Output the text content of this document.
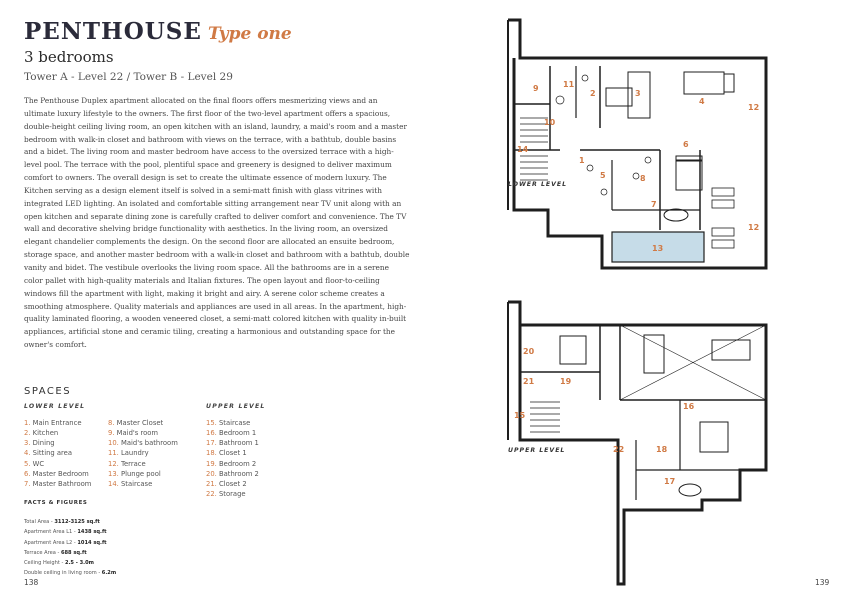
PENTHOUSE Type one
3 bedrooms
Tower A - Level 22 / Tower B - Level 29

The Penthouse Duplex apartment allocated on the final floors offers mesmerizing views and an ultimate luxury lifestyle to the owners. The first floor of the two-level apartment offers a spacious, double-height ceiling living room, an open kitchen with an island, laundry, a maid's room and a master bedroom with walk-in closet and bathroom with views on the terrace, with a bathtub, double basins and a bidet. The living room and master bedroom have access to the oversized terrace with a high-level pool. The terrace with the pool, plentiful space and greenery is designed to deliver maximum comfort to owners. The overall design is set to create the ultimate essence of modern luxury. The Kitchen serving as a design element itself is solved in a semi-matt finish with glass vitrines with integrated LED lighting. An isolated and comfortable sitting arrangement near TV unit along with an open kitchen and separate dining zone is carefully crafted to deliver comfort and convenience. The TV wall and decorative shelving bridge functionality with aesthetics. In the living room, an oversized elegant chandelier complements the design. On the second floor are allocated an ensuite bedroom, storage space, and another master bedroom with a walk-in closet and bathroom with a bathtub, double vanity and bidet. The vestibule overlooks the living room space. All the bathrooms are in a serene color pallet with high-quality materials and Italian fixtures. The open layout and floor-to-ceiling windows fill the apartment with light, making it bright and airy. A serene color scheme creates a smoothing atmosphere. Quality materials and appliances are used in all areas. In the apartment, high-quality laminated flooring, a wooden veneered closet, a semi-matt colored kitchen with quality in-built appliances, artificial stone and ceramic tiling, creating a harmonious and outstanding space for the owner's comfort.

SPACES
LOWER LEVEL	UPPER LEVEL
1. Main Entrance
2. Kitchen
3. Dining
4. Sitting area
5. WC
6. Master Bedroom
7. Master Bathroom
8. Master Closet
9. Maid's room
10. Maid's bathroom
11. Laundry
12. Terrace
13. Plunge pool
14. Staircase
15. Staircase
16. Bedroom 1
17. Bathroom 1
18. Closet 1
19. Bedroom 2
20. Bathroom 2
21. Closet 2
22. Storage
FACTS & FIGURES
Total Area - 3112-3125 sq.ft
Apartment Area L1 - 1438 sq.ft
Apartment Area L2 - 1014 sq.ft
Terrace Area - 688 sq.ft
Ceiling Height - 2.5 - 3.0m
Double ceiling in living room - 6.2m
138	139
LOWER LEVEL
UPPER LEVEL
1
2	3
4
5
6
7
8
9
10
11
12
12
13
14
15
16
17
18
19
20
21
22
